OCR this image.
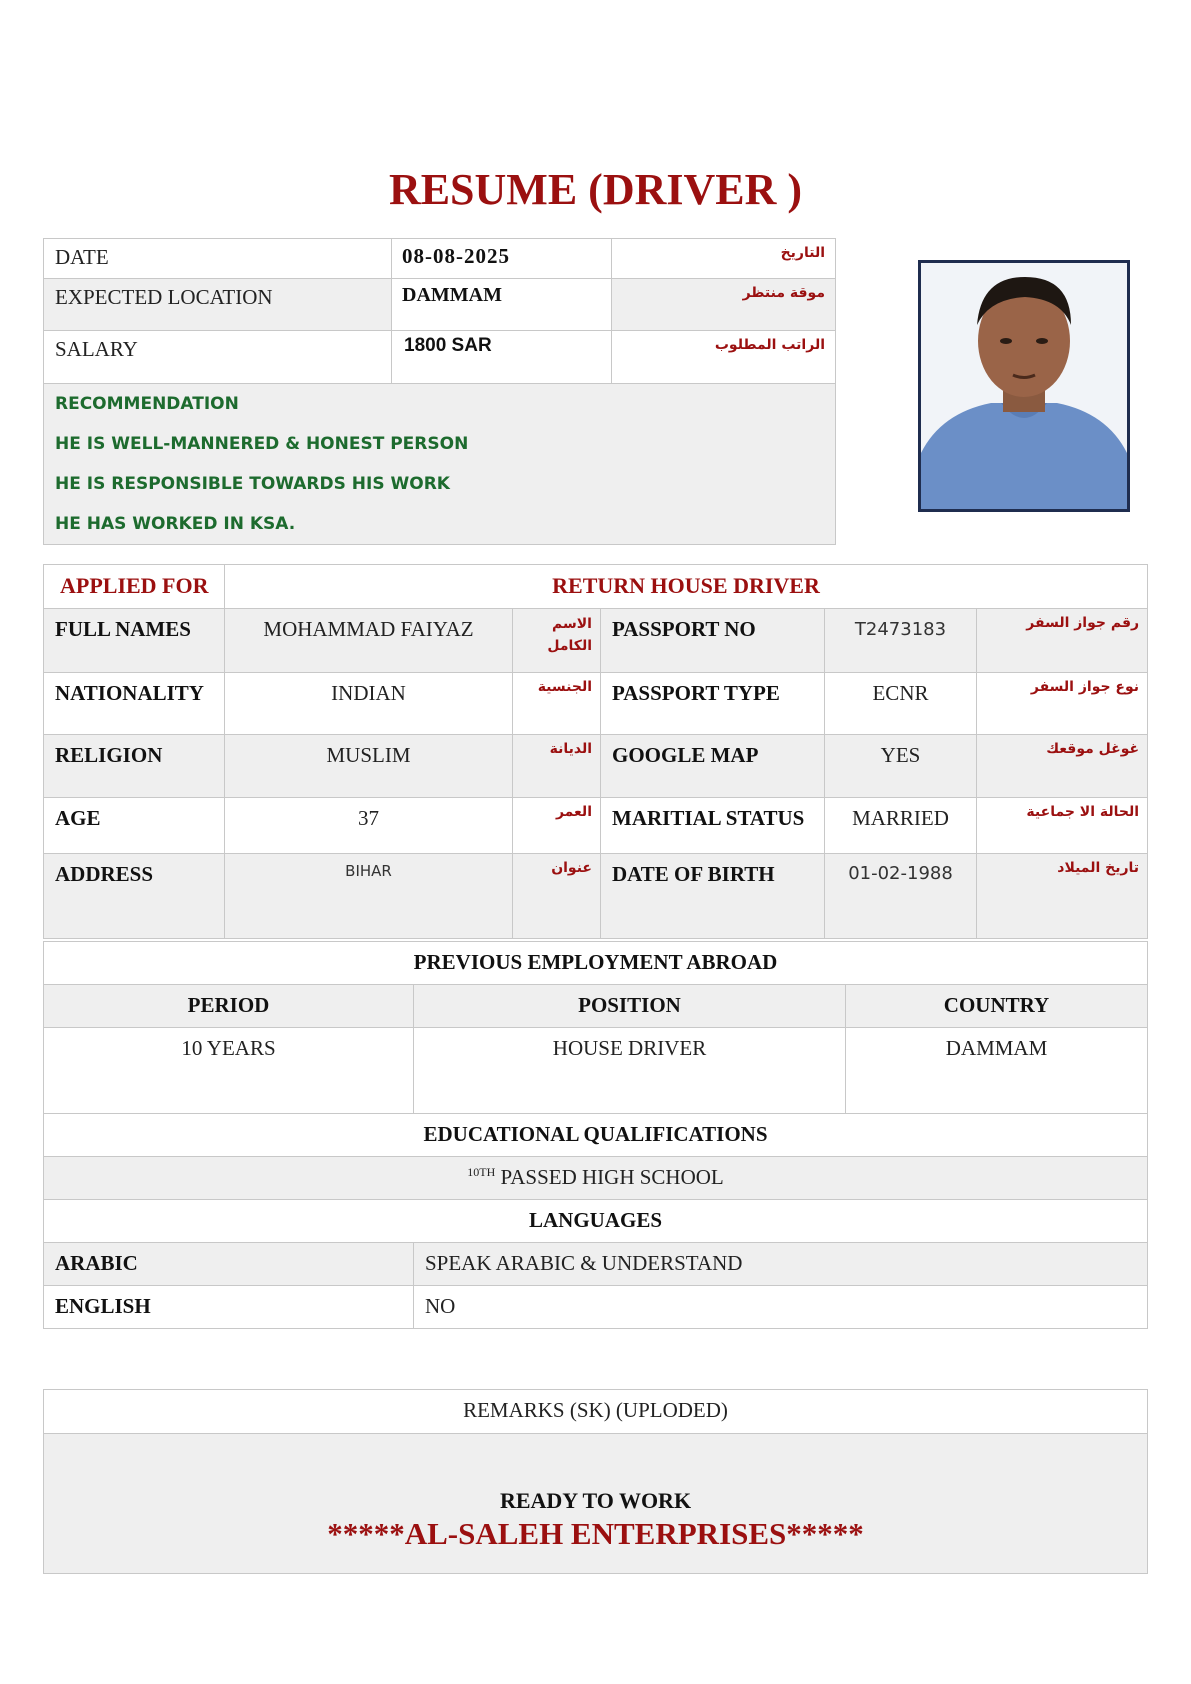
RESUME (DRIVER )
DATE	08-08-2025	التاريخ
EXPECTED LOCATION	DAMMAM	موقة منتظر
SALARY	1800 SAR	الراتب المطلوب

RECOMMENDATION
HE IS WELL-MANNERED & HONEST PERSON
HE IS RESPONSIBLE TOWARDS HIS WORK
HE HAS WORKED IN KSA.		
APPLIED FOR	RETURN HOUSE DRIVER				
FULL NAMES	MOHAMMAD FAIYAZ	الاسم الكامل	PASSPORT NO	T2473183	رقم جواز السفر
NATIONALITY	INDIAN	الجنسية	PASSPORT TYPE	ECNR	نوع جواز السفر
RELIGION	MUSLIM	الديانة	GOOGLE MAP	YES	غوغل موقعك
AGE	37	العمر	MARITIAL STATUS	MARRIED	الحالة الا جماعية
ADDRESS	BIHAR	عنوان	DATE OF BIRTH	01-02-1988	تاريخ الميلاد
PREVIOUS EMPLOYMENT ABROAD		
PERIOD	POSITION	COUNTRY
10 YEARS	HOUSE DRIVER	DAMMAM
EDUCATIONAL QUALIFICATIONS	
$^{10TH}$ PASSED HIGH SCHOOL	
LANGUAGES	
ARABIC	SPEAK ARABIC & UNDERSTAND
ENGLISH	NO
REMARKS (SK) (UPLODED)

READY TO WORK
*****AL-SALEH ENTERPRISES*****
